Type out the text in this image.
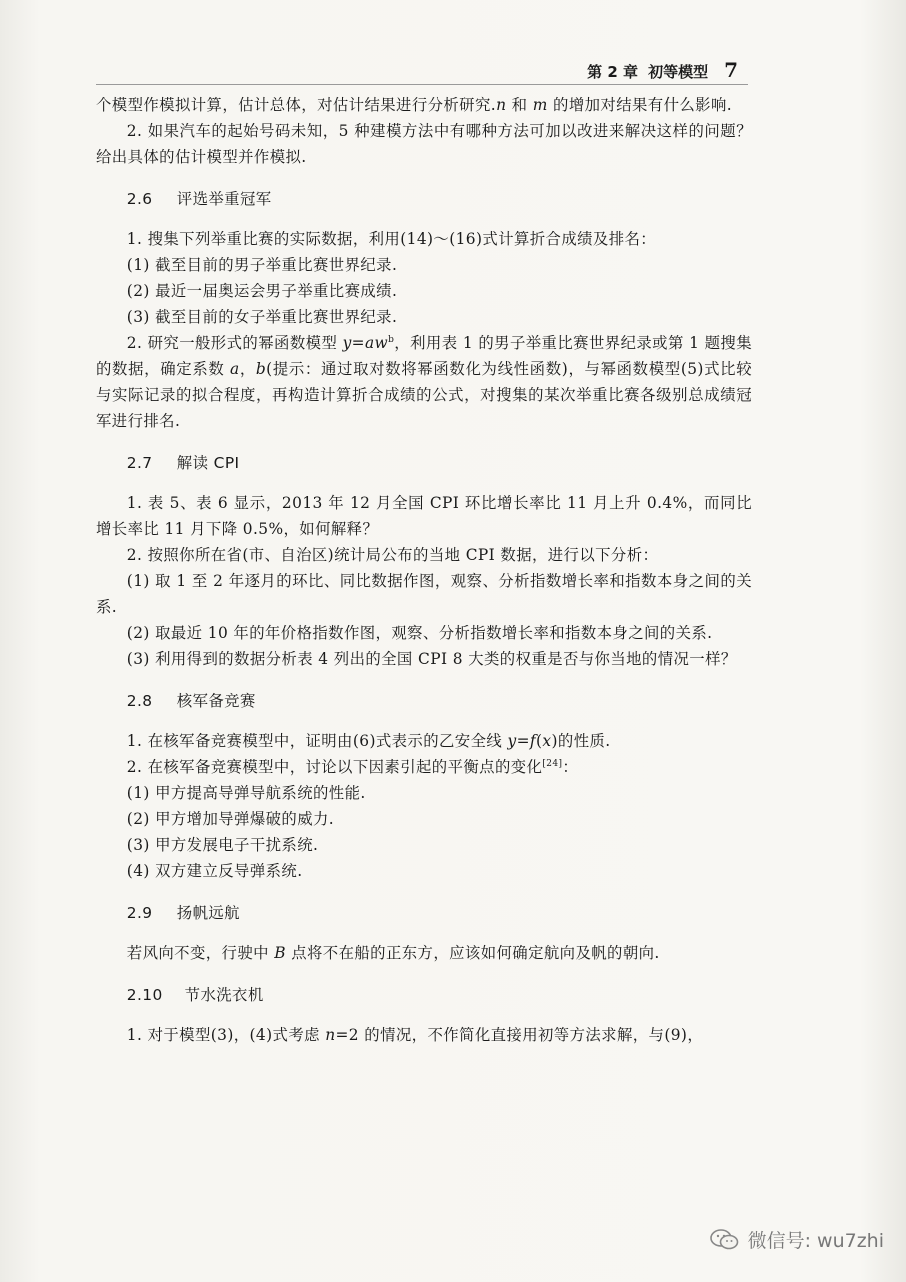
第 2 章 初等模型 7

个模型作模拟计算，估计总体，对估计结果进行分析研究.n 和 m 的增加对结果有什么影响.

2. 如果汽车的起始号码未知，5 种建模方法中有哪种方法可加以改进来解决这样的问题？给出具体的估计模型并作模拟.

2.6 评选举重冠军

1. 搜集下列举重比赛的实际数据，利用(14)～(16)式计算折合成绩及排名：

(1) 截至目前的男子举重比赛世界纪录.

(2) 最近一届奥运会男子举重比赛成绩.

(3) 截至目前的女子举重比赛世界纪录.

2. 研究一般形式的幂函数模型 $y=aw^b$，利用表 1 的男子举重比赛世界纪录或第 1 题搜集的数据，确定系数 a，b(提示：通过取对数将幂函数化为线性函数)，与幂函数模型(5)式比较与实际记录的拟合程度，再构造计算折合成绩的公式，对搜集的某次举重比赛各级别总成绩冠军进行排名.

2.7 解读 CPI

1. 表 5、表 6 显示，2013 年 12 月全国 CPI 环比增长率比 11 月上升 0.4%，而同比增长率比 11 月下降 0.5%，如何解释？

2. 按照你所在省(市、自治区)统计局公布的当地 CPI 数据，进行以下分析：

(1) 取 1 至 2 年逐月的环比、同比数据作图，观察、分析指数增长率和指数本身之间的关系.

(2) 取最近 10 年的年价格指数作图，观察、分析指数增长率和指数本身之间的关系.

(3) 利用得到的数据分析表 4 列出的全国 CPI 8 大类的权重是否与你当地的情况一样？

2.8 核军备竞赛

1. 在核军备竞赛模型中，证明由(6)式表示的乙安全线 y=f(x)的性质.

2. 在核军备竞赛模型中，讨论以下因素引起的平衡点的变化[24]：

(1) 甲方提高导弹导航系统的性能.

(2) 甲方增加导弹爆破的威力.

(3) 甲方发展电子干扰系统.

(4) 双方建立反导弹系统.

2.9 扬帆远航

若风向不变，行驶中 B 点将不在船的正东方，应该如何确定航向及帆的朝向.

2.10 节水洗衣机

1. 对于模型(3)，(4)式考虑 n=2 的情况，不作简化直接用初等方法求解，与(9)，

微信号: wu7zhi
